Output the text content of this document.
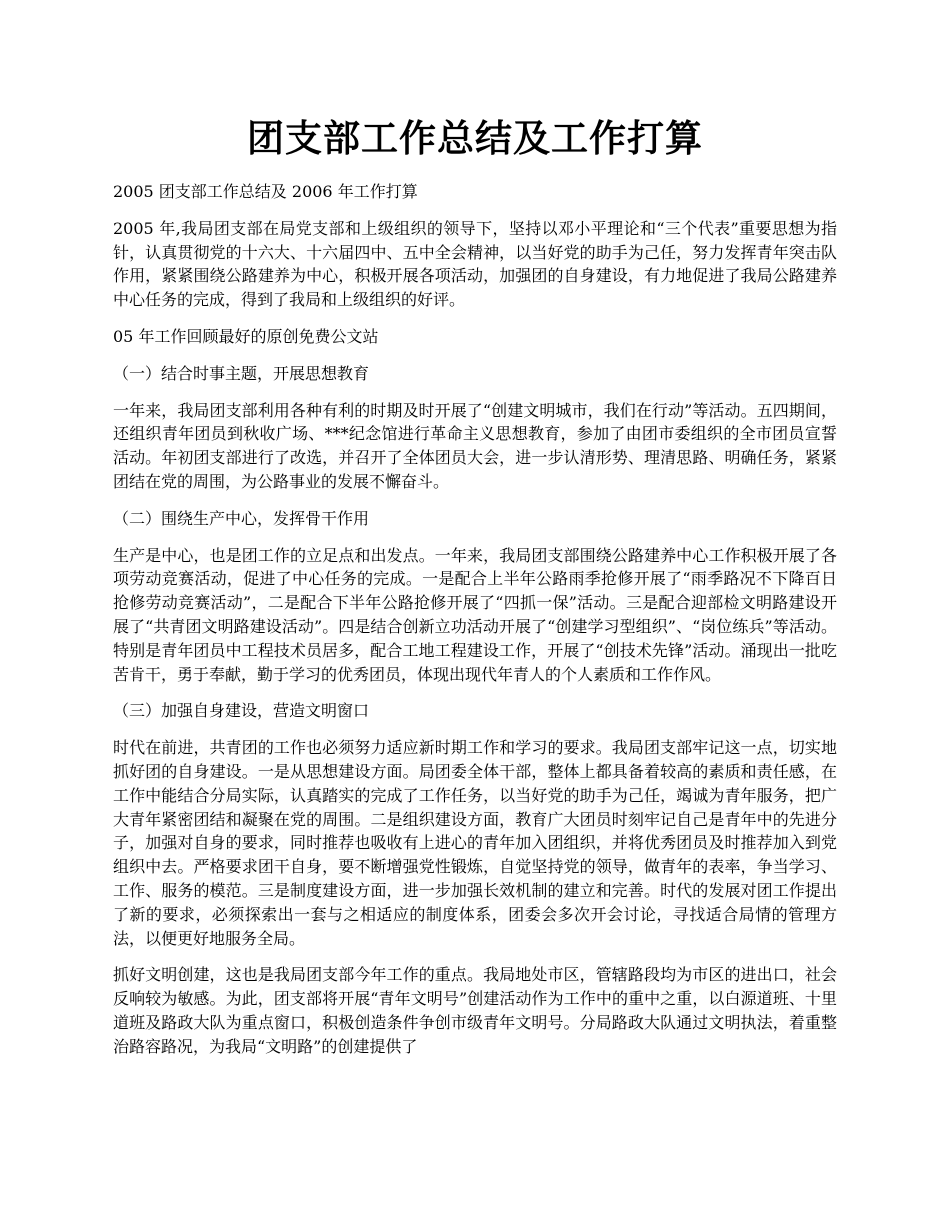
团支部工作总结及工作打算

2005 团支部工作总结及 2006 年工作打算

2005 年,我局团支部在局党支部和上级组织的领导下，坚持以邓小平理论和“三个代表”重要思想为指针，认真贯彻党的十六大、十六届四中、五中全会精神，以当好党的助手为己任，努力发挥青年突击队作用，紧紧围绕公路建养为中心，积极开展各项活动，加强团的自身建设，有力地促进了我局公路建养中心任务的完成，得到了我局和上级组织的好评。

05 年工作回顾最好的原创免费公文站

（一）结合时事主题，开展思想教育

一年来，我局团支部利用各种有利的时期及时开展了“创建文明城市，我们在行动”等活动。五四期间，还组织青年团员到秋收广场、***纪念馆进行革命主义思想教育，参加了由团市委组织的全市团员宣誓活动。年初团支部进行了改选，并召开了全体团员大会，进一步认清形势、理清思路、明确任务，紧紧团结在党的周围，为公路事业的发展不懈奋斗。

（二）围绕生产中心，发挥骨干作用

生产是中心，也是团工作的立足点和出发点。一年来，我局团支部围绕公路建养中心工作积极开展了各项劳动竞赛活动，促进了中心任务的完成。一是配合上半年公路雨季抢修开展了“雨季路况不下降百日抢修劳动竞赛活动”，二是配合下半年公路抢修开展了“四抓一保”活动。三是配合迎部检文明路建设开展了“共青团文明路建设活动”。四是结合创新立功活动开展了“创建学习型组织”、“岗位练兵”等活动。特别是青年团员中工程技术员居多，配合工地工程建设工作，开展了“创技术先锋”活动。涌现出一批吃苦肯干，勇于奉献，勤于学习的优秀团员，体现出现代年青人的个人素质和工作作风。

（三）加强自身建设，营造文明窗口

时代在前进，共青团的工作也必须努力适应新时期工作和学习的要求。我局团支部牢记这一点，切实地抓好团的自身建设。一是从思想建设方面。局团委全体干部，整体上都具备着较高的素质和责任感，在工作中能结合分局实际，认真踏实的完成了工作任务，以当好党的助手为己任，竭诚为青年服务，把广大青年紧密团结和凝聚在党的周围。二是组织建设方面，教育广大团员时刻牢记自己是青年中的先进分子，加强对自身的要求，同时推荐也吸收有上进心的青年加入团组织，并将优秀团员及时推荐加入到党组织中去。严格要求团干自身，要不断增强党性锻炼，自觉坚持党的领导，做青年的表率，争当学习、工作、服务的模范。三是制度建设方面，进一步加强长效机制的建立和完善。时代的发展对团工作提出了新的要求，必须探索出一套与之相适应的制度体系，团委会多次开会讨论，寻找适合局情的管理方法，以便更好地服务全局。

抓好文明创建，这也是我局团支部今年工作的重点。我局地处市区，管辖路段均为市区的进出口，社会反响较为敏感。为此，团支部将开展“青年文明号”创建活动作为工作中的重中之重，以白源道班、十里道班及路政大队为重点窗口，积极创造条件争创市级青年文明号。分局路政大队通过文明执法，着重整治路容路况，为我局“文明路”的创建提供了
